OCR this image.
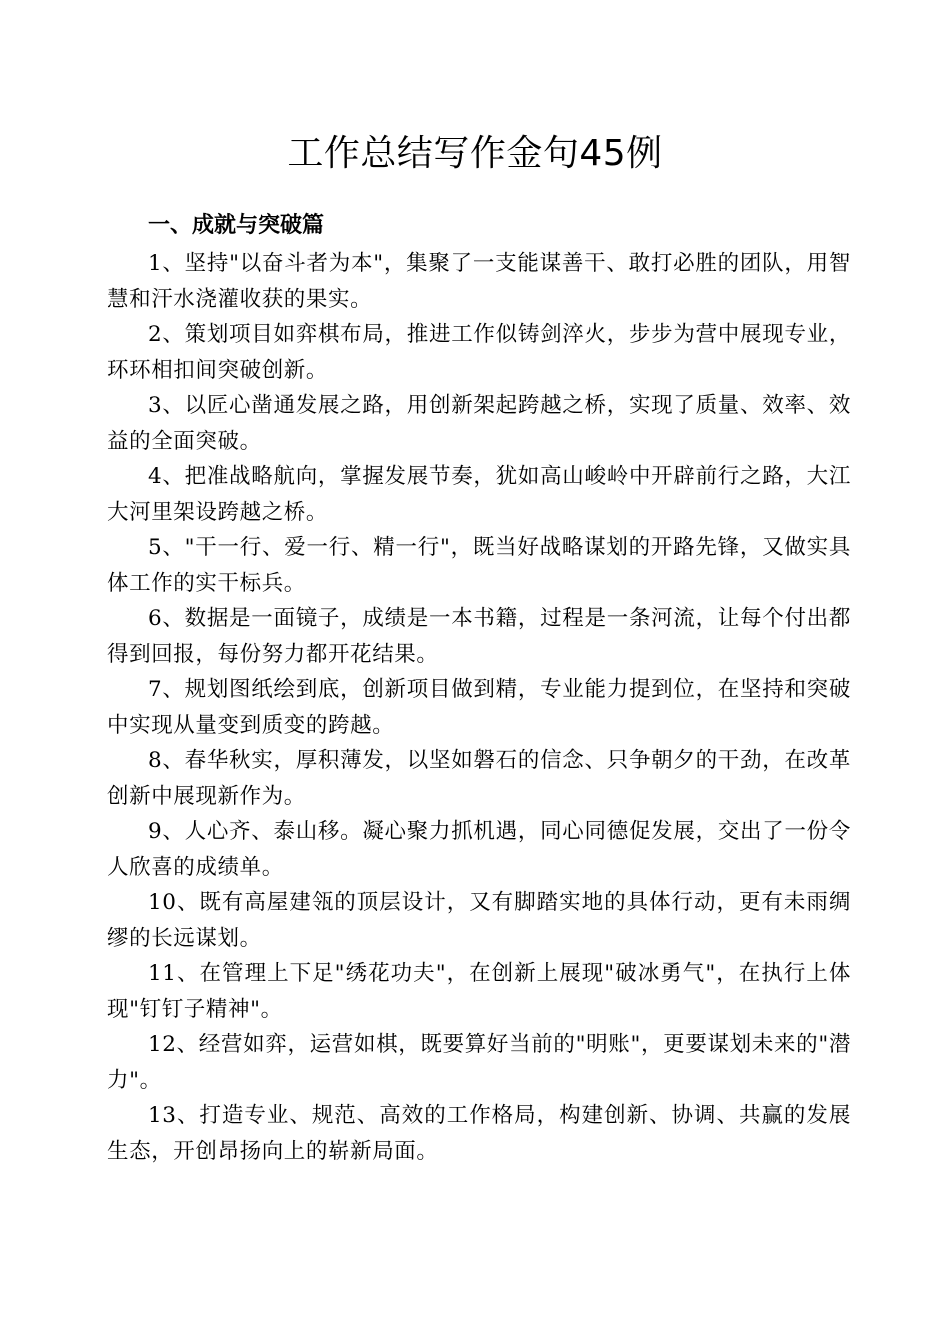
工作总结写作金句45例
一、成就与突破篇
1、坚持"以奋斗者为本"，集聚了一支能谋善干、敢打必胜的团队，用智慧和汗水浇灌收获的果实。
2、策划项目如弈棋布局，推进工作似铸剑淬火，步步为营中展现专业，环环相扣间突破创新。
3、以匠心凿通发展之路，用创新架起跨越之桥，实现了质量、效率、效益的全面突破。
4、把准战略航向，掌握发展节奏，犹如高山峻岭中开辟前行之路，大江大河里架设跨越之桥。
5、"干一行、爱一行、精一行"，既当好战略谋划的开路先锋，又做实具体工作的实干标兵。
6、数据是一面镜子，成绩是一本书籍，过程是一条河流，让每个付出都得到回报，每份努力都开花结果。
7、规划图纸绘到底，创新项目做到精，专业能力提到位，在坚持和突破中实现从量变到质变的跨越。
8、春华秋实，厚积薄发，以坚如磐石的信念、只争朝夕的干劲，在改革创新中展现新作为。
9、人心齐、泰山移。凝心聚力抓机遇，同心同德促发展，交出了一份令人欣喜的成绩单。
10、既有高屋建瓴的顶层设计，又有脚踏实地的具体行动，更有未雨绸缪的长远谋划。
11、在管理上下足"绣花功夫"，在创新上展现"破冰勇气"，在执行上体现"钉钉子精神"。
12、经营如弈，运营如棋，既要算好当前的"明账"，更要谋划未来的"潜力"。
13、打造专业、规范、高效的工作格局，构建创新、协调、共赢的发展生态，开创昂扬向上的崭新局面。
